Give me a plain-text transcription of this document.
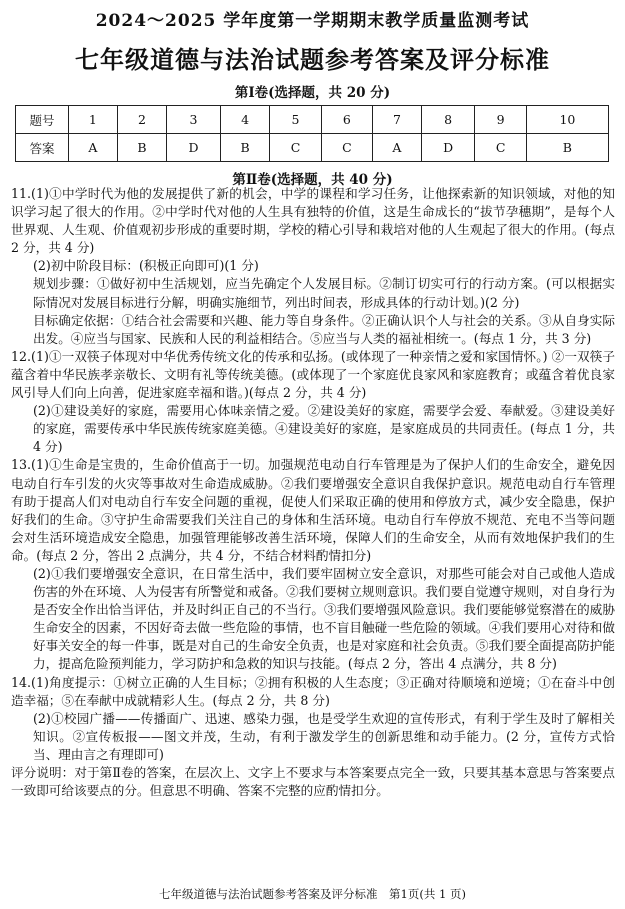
2024～2025 学年度第一学期期末教学质量监测考试
七年级道德与法治试题参考答案及评分标准
第Ⅰ卷(选择题，共 20 分)
题号	1	2	3	4	5	6	7	8	9	10
答案	A	B	D	B	C	C	A	D	C	B
第Ⅱ卷(选择题，共 40 分)

11.(1)①中学时代为他的发展提供了新的机会，中学的课程和学习任务，让他探索新的知识领域，对他的知识学习起了很大的作用。②中学时代对他的人生具有独特的价值，这是生命成长的“拔节孕穗期”，是每个人世界观、人生观、价值观初步形成的重要时期，学校的精心引导和栽培对他的人生观起了很大的作用。(每点 2 分，共 4 分)

(2)初中阶段目标：(积极正向即可)(1 分)

规划步骤：①做好初中生活规划，应当先确定个人发展目标。②制订切实可行的行动方案。(可以根据实际情况对发展目标进行分解，明确实施细节，列出时间表，形成具体的行动计划。)(2 分)

目标确定依据：①结合社会需要和兴趣、能力等自身条件。②正确认识个人与社会的关系。③从自身实际出发。④应当与国家、民族和人民的利益相结合。⑤应当与人类的福祉相统一。(每点 1 分，共 3 分)

12.(1)①一双筷子体现对中华优秀传统文化的传承和弘扬。(或体现了一种亲情之爱和家国情怀。) ②一双筷子蕴含着中华民族孝亲敬长、文明有礼等传统美德。(或体现了一个家庭优良家风和家庭教育；或蕴含着优良家风引导人们向上向善，促进家庭幸福和谐。)(每点 2 分，共 4 分)

(2)①建设美好的家庭，需要用心体味亲情之爱。②建设美好的家庭，需要学会爱、奉献爱。③建设美好的家庭，需要传承中华民族传统家庭美德。④建设美好的家庭，是家庭成员的共同责任。(每点 1 分，共 4 分)

13.(1)①生命是宝贵的，生命价值高于一切。加强规范电动自行车管理是为了保护人们的生命安全，避免因电动自行车引发的火灾等事故对生命造成威胁。②我们要增强安全意识自我保护意识。规范电动自行车管理有助于提高人们对电动自行车安全问题的重视，促使人们采取正确的使用和停放方式，减少安全隐患，保护好我们的生命。③守护生命需要我们关注自己的身体和生活环境。电动自行车停放不规范、充电不当等问题会对生活环境造成安全隐患，加强管理能够改善生活环境，保障人们的生命安全，从而有效地保护我们的生命。(每点 2 分，答出 2 点满分，共 4 分，不结合材料酌情扣分)

(2)①我们要增强安全意识，在日常生活中，我们要牢固树立安全意识，对那些可能会对自己或他人造成伤害的外在环境、人为侵害有所警觉和戒备。②我们要树立规则意识。我们要自觉遵守规则，对自身行为是否安全作出恰当评估，并及时纠正自己的不当行。③我们要增强风险意识。我们要能够觉察潜在的威胁生命安全的因素，不因好奇去做一些危险的事情，也不盲目触碰一些危险的领域。④我们要用心对待和做好事关安全的每一件事，既是对自己的生命安全负责，也是对家庭和社会负责。⑤我们要全面提高防护能力，提高危险预判能力，学习防护和急救的知识与技能。(每点 2 分，答出 4 点满分，共 8 分)

14.(1)角度提示：①树立正确的人生目标；②拥有积极的人生态度；③正确对待顺境和逆境；①在奋斗中创造幸福；⑤在奉献中成就精彩人生。(每点 2 分，共 8 分)

(2)①校园广播——传播面广、迅速、感染力强，也是受学生欢迎的宣传形式，有利于学生及时了解相关知识。②宣传板报——图文并茂，生动，有利于激发学生的创新思维和动手能力。(2 分，宣传方式恰当、理由言之有理即可)

评分说明：对于第Ⅱ卷的答案，在层次上、文字上不要求与本答案要点完全一致，只要其基本意思与答案要点一致即可给该要点的分。但意思不明确、答案不完整的应酌情扣分。

七年级道德与法治试题参考答案及评分标准　第1页(共 1 页)
